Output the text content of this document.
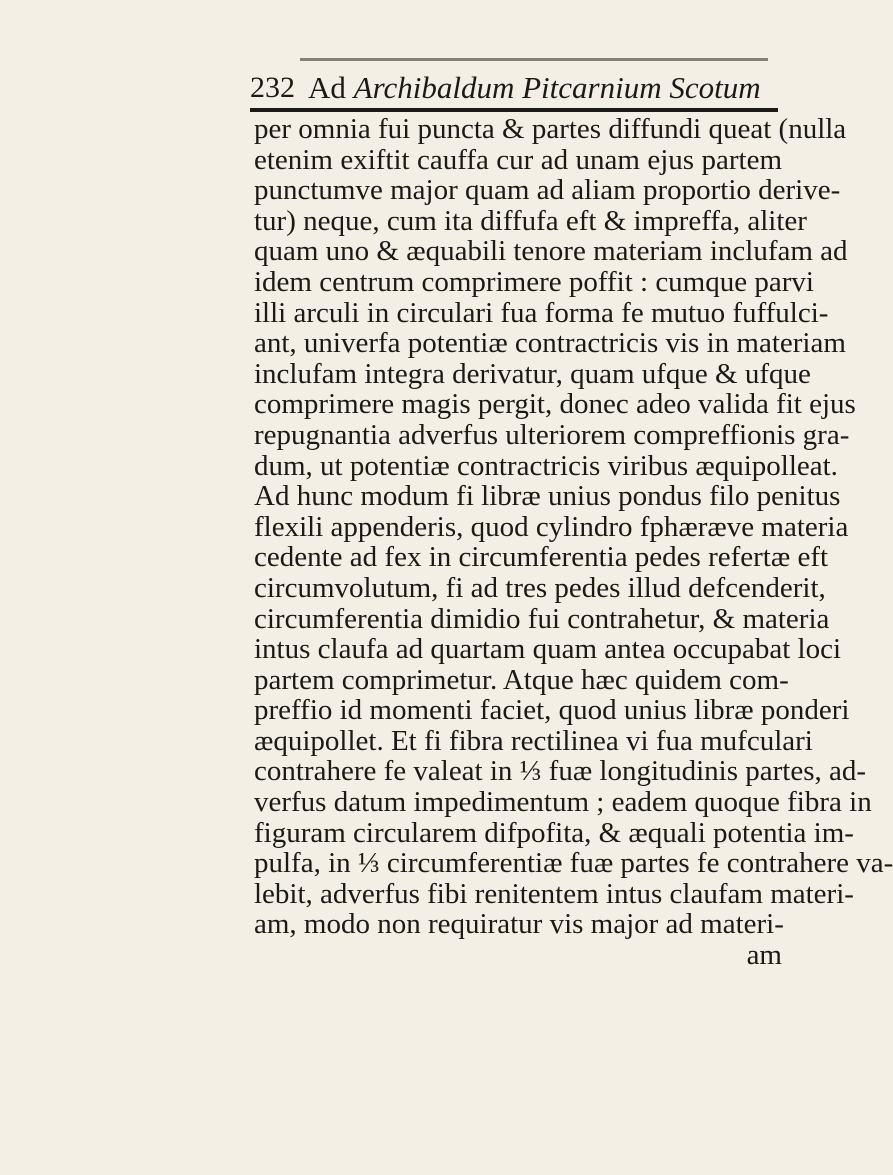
232 Ad Archibaldum Pitcarnium Scotum
per omnia fui puncta & partes diffundi queat (nulla
etenim exiftit cauffa cur ad unam ejus partem
punctumve major quam ad aliam proportio derive-
tur) neque, cum ita diffufa eft & impreffa, aliter
quam uno & æquabili tenore materiam inclufam ad
idem centrum comprimere poffit : cumque parvi
illi arculi in circulari fua forma fe mutuo fuffulci-
ant, univerfa potentiæ contractricis vis in materiam
inclufam integra derivatur, quam ufque & ufque
comprimere magis pergit, donec adeo valida fit ejus
repugnantia adverfus ulteriorem compreffionis gra-
dum, ut potentiæ contractricis viribus æquipolleat.
Ad hunc modum fi libræ unius pondus filo penitus
flexili appenderis, quod cylindro fphæræve materia
cedente ad fex in circumferentia pedes refertæ eft
circumvolutum, fi ad tres pedes illud defcenderit,
circumferentia dimidio fui contrahetur, & materia
intus claufa ad quartam quam antea occupabat loci
partem comprimetur. Atque hæc quidem com-
preffio id momenti faciet, quod unius libræ ponderi
æquipollet. Et fi fibra rectilinea vi fua mufculari
contrahere fe valeat in ⅓ fuæ longitudinis partes, ad-
verfus datum impedimentum ; eadem quoque fibra in
figuram circularem difpofita, & æquali potentia im-
pulfa, in ⅓ circumferentiæ fuæ partes fe contrahere va-
lebit, adverfus fibi renitentem intus claufam materi-
am, modo non requiratur vis major ad materi-
am
